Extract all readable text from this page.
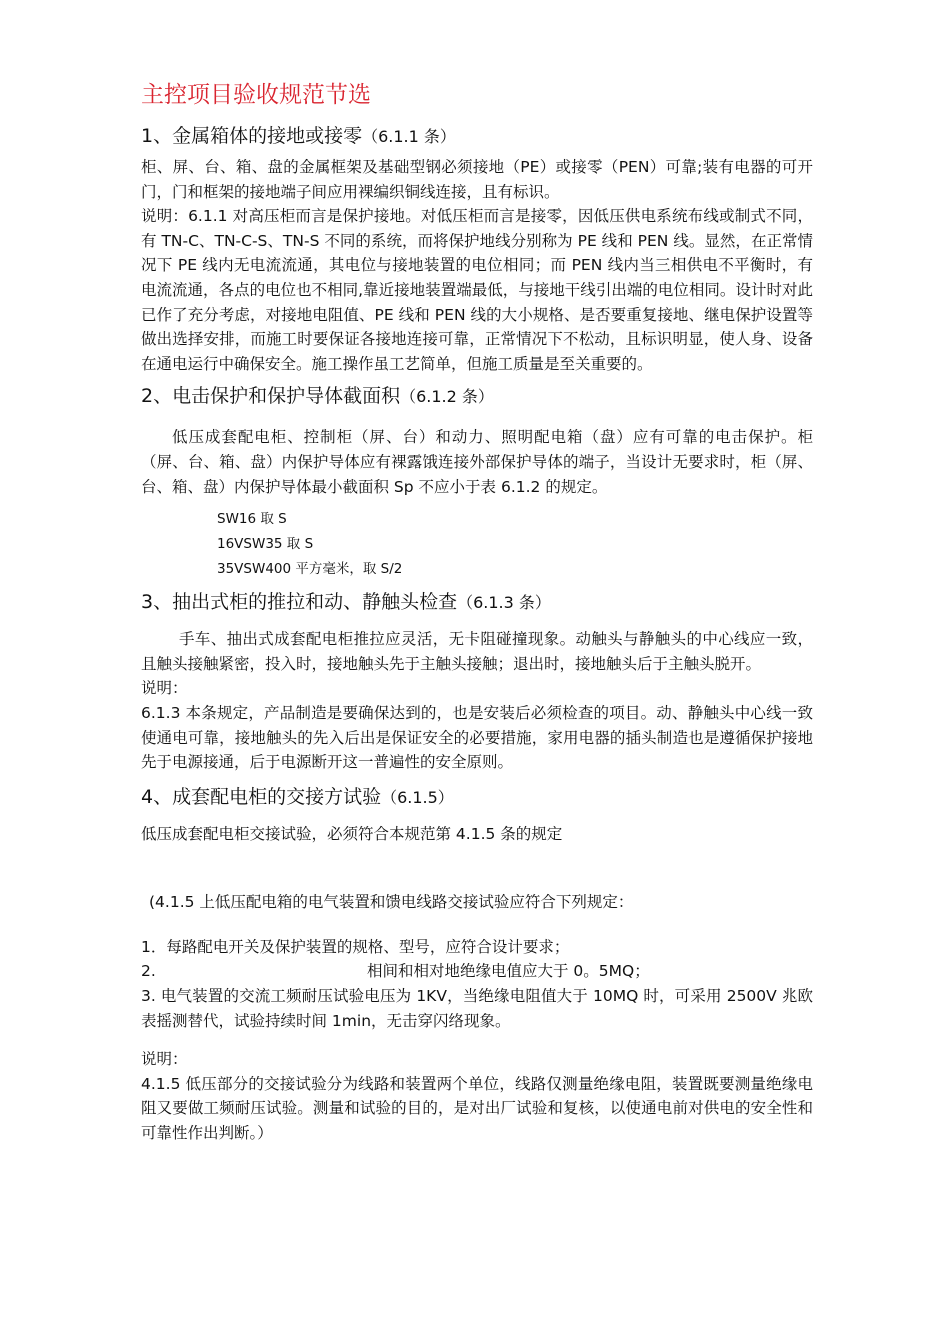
主控项目验收规范节选
1、金属箱体的接地或接零（6.1.1 条）

柜、屏、台、箱、盘的金属框架及基础型钢必须接地（PE）或接零（PEN）可靠;装有电器的可开门，门和框架的接地端子间应用裸编织铜线连接，且有标识。

说明：6.1.1 对高压柜而言是保护接地。对低压柜而言是接零，因低压供电系统布线或制式不同，有 TN-C、TN-C-S、TN-S 不同的系统，而将保护地线分别称为 PE 线和 PEN 线。显然，在正常情况下 PE 线内无电流流通，其电位与接地装置的电位相同；而 PEN 线内当三相供电不平衡时，有电流流通，各点的电位也不相同,靠近接地装置端最低，与接地干线引出端的电位相同。设计时对此已作了充分考虑，对接地电阻值、PE 线和 PEN 线的大小规格、是否要重复接地、继电保护设置等做出选择安排，而施工时要保证各接地连接可靠，正常情况下不松动，且标识明显，使人身、设备在通电运行中确保安全。施工操作虽工艺简单，但施工质量是至关重要的。

2、电击保护和保护导体截面积（6.1.2 条）

低压成套配电柜、控制柜（屏、台）和动力、照明配电箱（盘）应有可靠的电击保护。柜（屏、台、箱、盘）内保护导体应有裸露饿连接外部保护导体的端子，当设计无要求时，柜（屏、台、箱、盘）内保护导体最小截面积 Sp 不应小于表 6.1.2 的规定。

SW16 取 S

16VSW35 取 S

35VSW400 平方毫米，取 S/2

3、抽出式柜的推拉和动、静触头检查（6.1.3 条）

手车、抽出式成套配电柜推拉应灵活，无卡阻碰撞现象。动触头与静触头的中心线应一致，且触头接触紧密，投入时，接地触头先于主触头接触；退出时，接地触头后于主触头脱开。

说明：

6.1.3 本条规定，产品制造是要确保达到的，也是安装后必须检查的项目。动、静触头中心线一致使通电可靠，接地触头的先入后出是保证安全的必要措施，家用电器的插头制造也是遵循保护接地先于电源接通，后于电源断开这一普遍性的安全原则。

4、成套配电柜的交接方试验（6.1.5）

低压成套配电柜交接试验，必须符合本规范第 4.1.5 条的规定

(4.1.5 上低压配电箱的电气装置和馈电线路交接试验应符合下列规定：

1．每路配电开关及保护装置的规格、型号，应符合设计要求；

2.	相间和相对地绝缘电值应大于 0。5MQ；

3. 电气装置的交流工频耐压试验电压为 1KV，当绝缘电阻值大于 10MQ 时，可采用 2500V 兆欧表摇测替代，试验持续时间 1min，无击穿闪络现象。

说明：

4.1.5 低压部分的交接试验分为线路和装置两个单位，线路仅测量绝缘电阻，装置既要测量绝缘电阻又要做工频耐压试验。测量和试验的目的，是对出厂试验和复核，以使通电前对供电的安全性和可靠性作出判断。）
